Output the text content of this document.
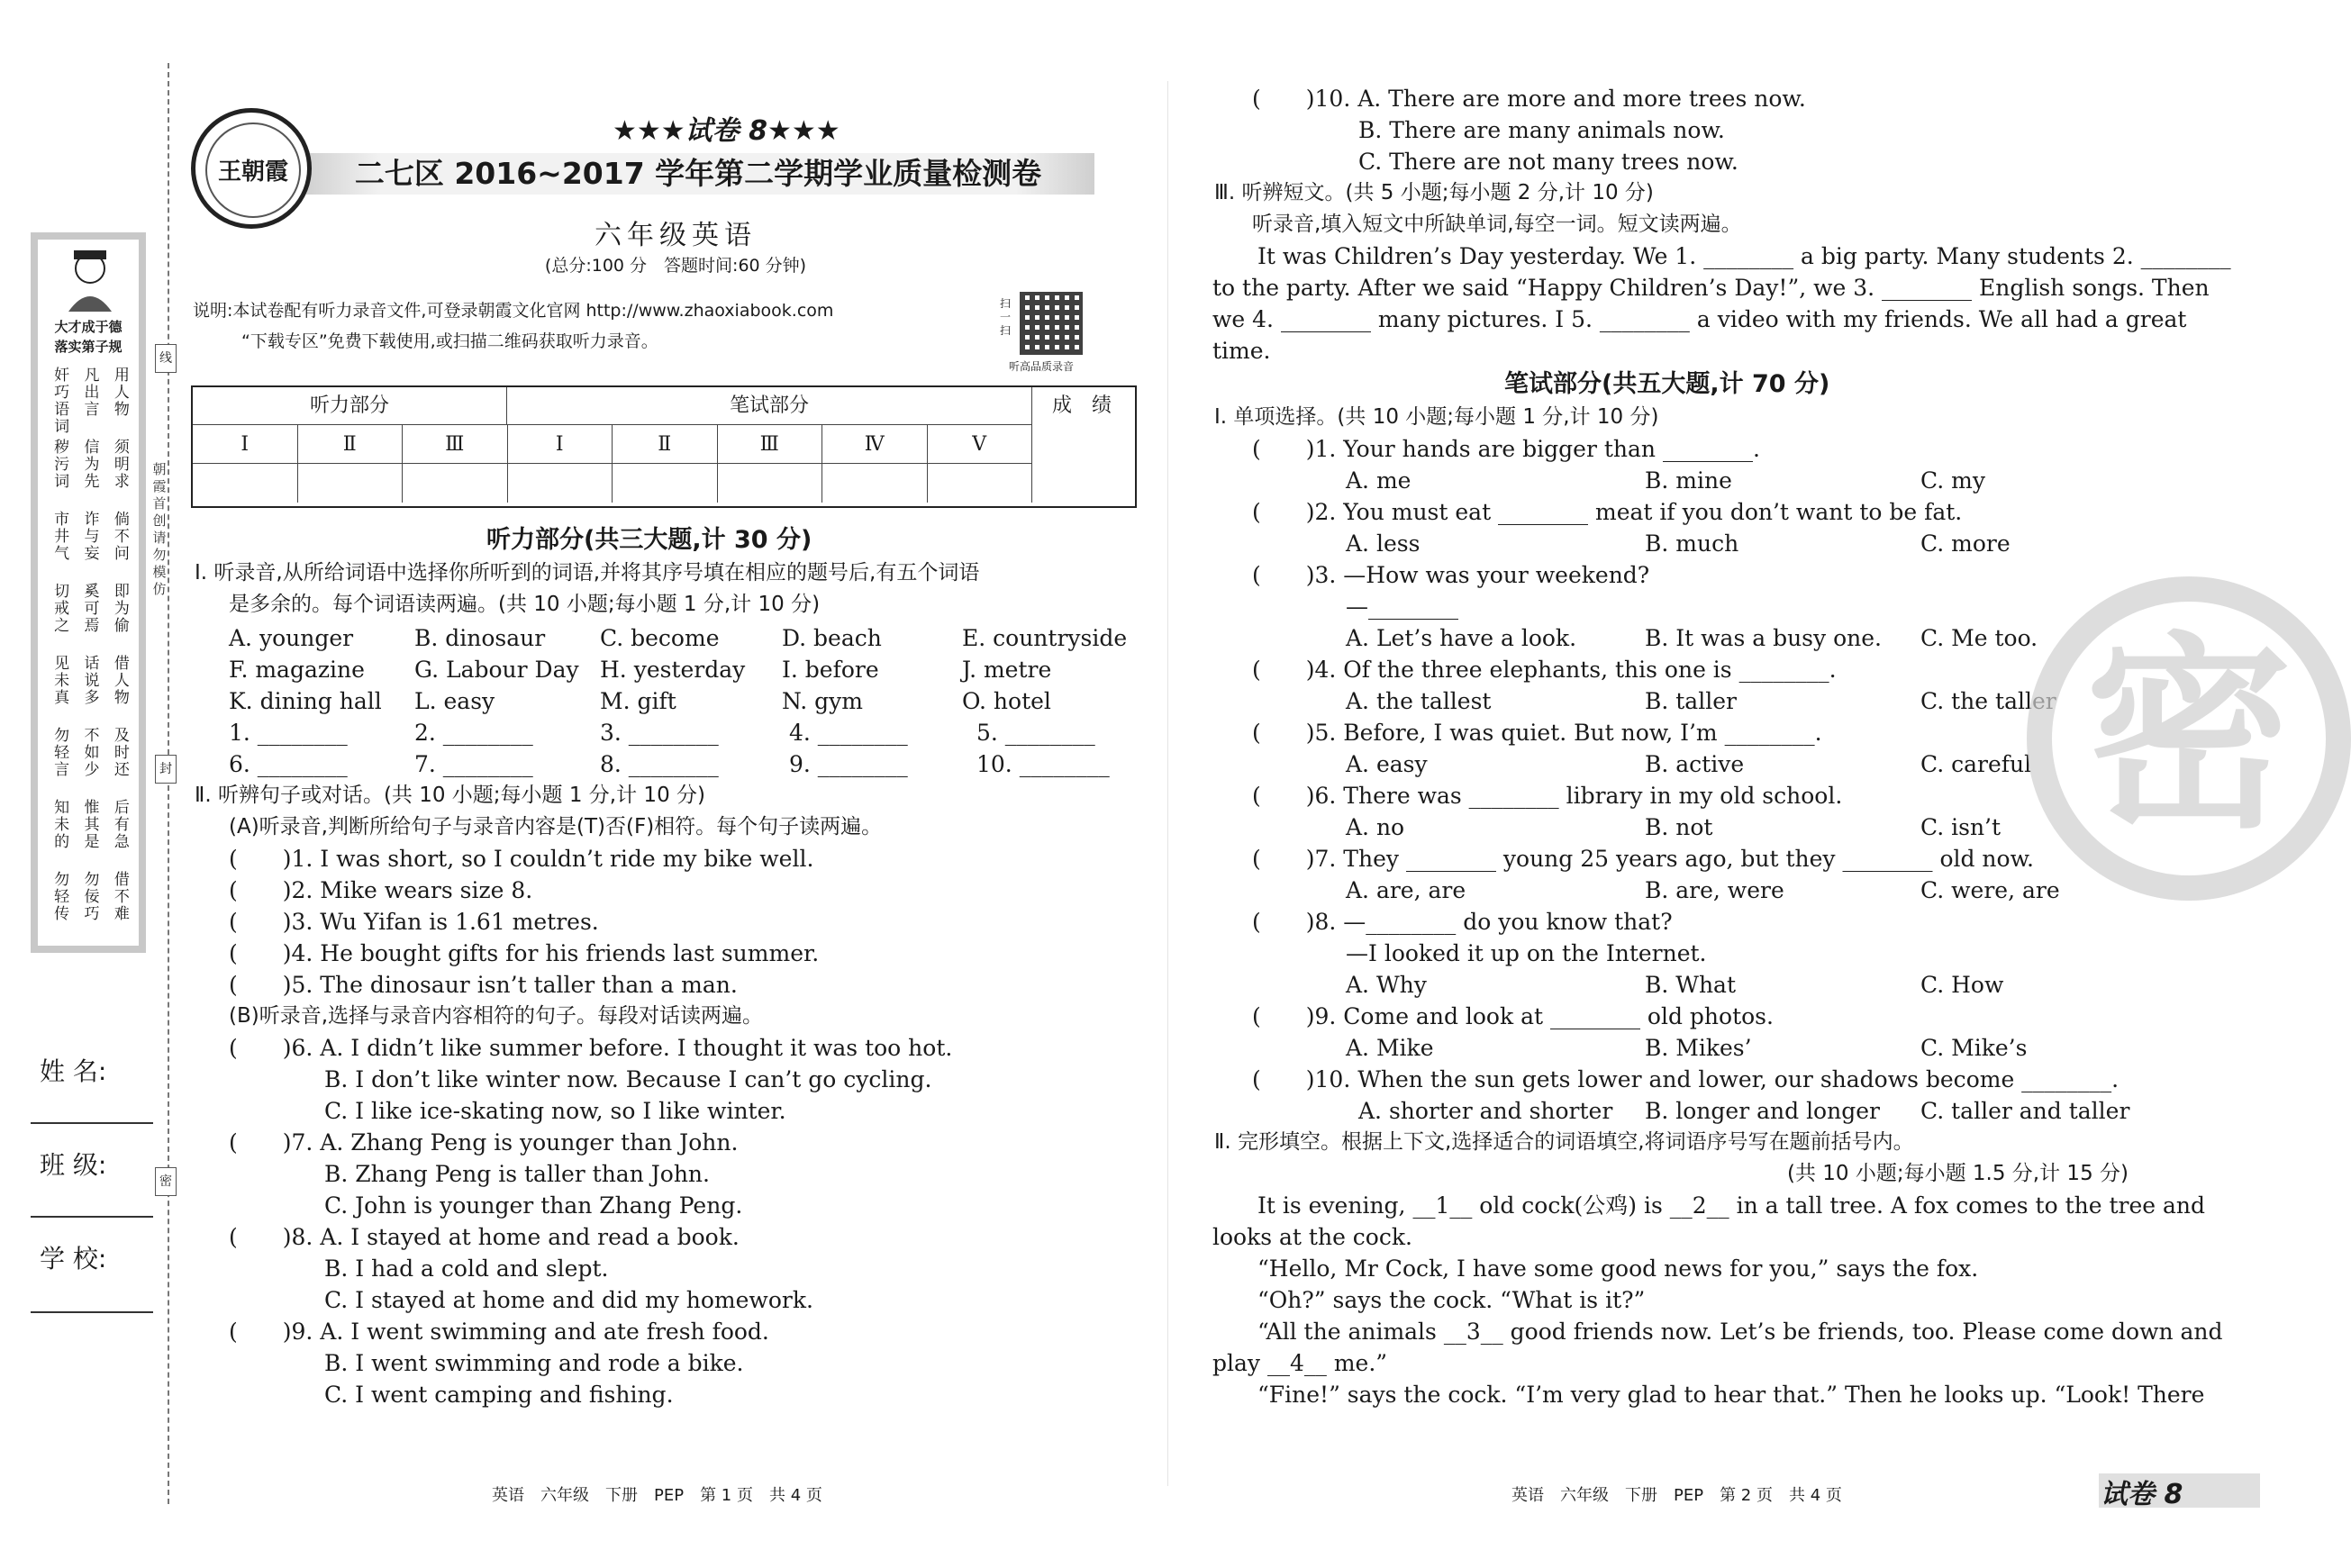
大才成于德
落实第子规
奸巧语词
凡出言
用人物
秽污词
信为先
须明求
市井气
诈与妄
倘不问
切戒之
奚可焉
即为偷
见未真
话说多
借人物
勿轻言
不如少
及时还
知未的
惟其是
后有急
勿轻传
勿佞巧
借不难
姓 名:
班 级:
学 校:
线
封
密
朝霞首创 请勿模仿
王朝霞
★★★试卷 8★★★
二七区 2016~2017 学年第二学期学业质量检测卷
六年级英语
(总分:100 分　答题时间:60 分钟)
说明:本试卷配有听力录音文件,可登录朝霞文化官网 http://www.zhaoxiabook.com
“下载专区”免费下载使用,或扫描二维码获取听力录音。
扫一扫
听高品质录音
听力部分	笔试部分	成　绩
Ⅰ	Ⅱ	Ⅲ	Ⅰ	Ⅱ	Ⅲ	Ⅳ	Ⅴ
听力部分(共三大题,计 30 分)
Ⅰ. 听录音,从所给词语中选择你所听到的词语,并将其序号填在相应的题号后,有五个词语
是多余的。每个词语读两遍。(共 10 小题;每小题 1 分,计 10 分)
A. younger	B. dinosaur C. become	D. beach	E. countryside
F. magazine G. Labour Day H. yesterday I. before	J. metre
K. dining hall L. easy	M. gift	N. gym	O. hotel
1. ________	2. ________	3. ________	4. ________	5. ________
6. ________	7. ________	8. ________	9. ________	10. ________
Ⅱ. 听辨句子或对话。(共 10 小题;每小题 1 分,计 10 分)
(A)听录音,判断所给句子与录音内容是(T)否(F)相符。每个句子读两遍。
(　　)1. I was short, so I couldn’t ride my bike well.
(　　)2. Mike wears size 8.
(　　)3. Wu Yifan is 1.61 metres.
(　　)4. He bought gifts for his friends last summer.
(　　)5. The dinosaur isn’t taller than a man.
(B)听录音,选择与录音内容相符的句子。每段对话读两遍。
(　　)6. A. I didn’t like summer before. I thought it was too hot.
B. I don’t like winter now. Because I can’t go cycling.
C. I like ice-skating now, so I like winter.
(　　)7. A. Zhang Peng is younger than John.
B. Zhang Peng is taller than John.
C. John is younger than Zhang Peng.
(　　)8. A. I stayed at home and read a book.
B. I had a cold and slept.
C. I stayed at home and did my homework.
(　　)9. A. I went swimming and ate fresh food.
B. I went swimming and rode a bike.
C. I went camping and fishing.
(　　)10. A. There are more and more trees now.
B. There are many animals now.
C. There are not many trees now.
Ⅲ. 听辨短文。(共 5 小题;每小题 2 分,计 10 分)
听录音,填入短文中所缺单词,每空一词。短文读两遍。
It was Children’s Day yesterday. We 1. ________ a big party. Many students 2. ________
to the party. After we said “Happy Children’s Day!”, we 3. ________ English songs. Then
we 4. ________ many pictures. I 5. ________ a video with my friends. We all had a great
time.
笔试部分(共五大题,计 70 分)
Ⅰ. 单项选择。(共 10 小题;每小题 1 分,计 10 分)
(　　)1. Your hands are bigger than ________.
A. me	B. mine	C. my
(　　)2. You must eat ________ meat if you don’t want to be fat.
A. less	B. much	C. more
(　　)3. —How was your weekend?
—________
A. Let’s have a look.	B. It was a busy one. C. Me too.
(　　)4. Of the three elephants, this one is ________.
A. the tallest	B. taller	C. the taller
(　　)5. Before, I was quiet. But now, I’m ________.
A. easy	B. active	C. careful
(　　)6. There was ________ library in my old school.
A. no	B. not	C. isn’t
(　　)7. They ________ young 25 years ago, but they ________ old now.
A. are, are	B. are, were	C. were, are
(　　)8. —________ do you know that?
—I looked it up on the Internet.
A. Why	B. What	C. How
(　　)9. Come and look at ________ old photos.
A. Mike	B. Mikes’	C. Mike’s
(　　)10. When the sun gets lower and lower, our shadows become ________.
A. shorter and shorter B. longer and longer C. taller and taller
Ⅱ. 完形填空。根据上下文,选择适合的词语填空,将词语序号写在题前括号内。
(共 10 小题;每小题 1.5 分,计 15 分)
It is evening, __1__ old cock(公鸡) is __2__ in a tall tree. A fox comes to the tree and
looks at the cock.
“Hello, Mr Cock, I have some good news for you,” says the fox.
“Oh?” says the cock. “What is it?”
“All the animals __3__ good friends now. Let’s be friends, too. Please come down and
play __4__ me.”
“Fine!” says the cock. “I’m very glad to hear that.” Then he looks up. “Look! There
密
英语　六年级　下册　PEP　第 1 页　共 4 页	英语　六年级　下册　PEP　第 2 页　共 4 页	试卷 8
